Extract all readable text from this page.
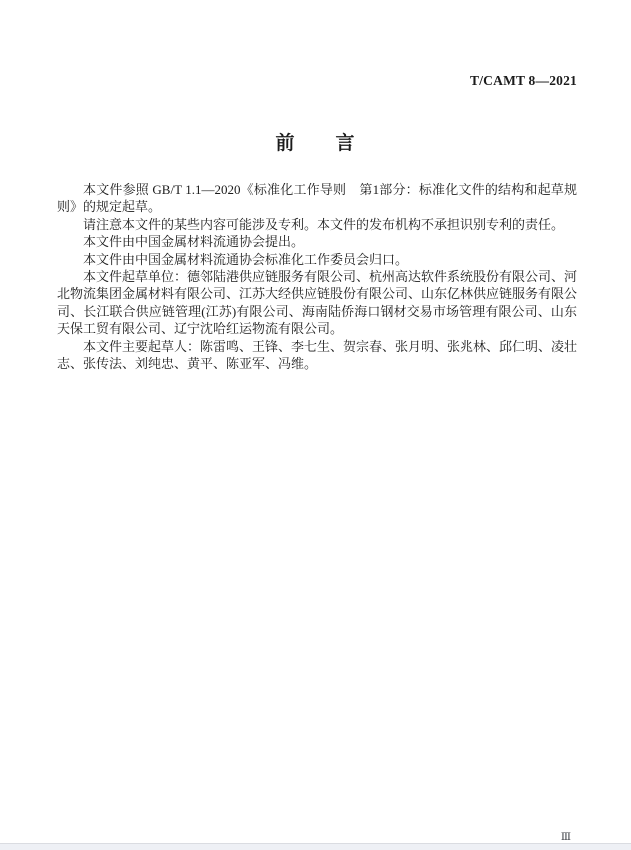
T/CAMT 8—2021
前　　言

本文件参照 GB/T 1.1—2020《标准化工作导则　第1部分：标准化文件的结构和起草规则》的规定起草。

请注意本文件的某些内容可能涉及专利。本文件的发布机构不承担识别专利的责任。

本文件由中国金属材料流通协会提出。

本文件由中国金属材料流通协会标准化工作委员会归口。

本文件起草单位：德邻陆港供应链服务有限公司、杭州高达软件系统股份有限公司、河北物流集团金属材料有限公司、江苏大经供应链股份有限公司、山东亿林供应链服务有限公司、长江联合供应链管理(江苏)有限公司、海南陆侨海口钢材交易市场管理有限公司、山东天保工贸有限公司、辽宁沈哈红运物流有限公司。

本文件主要起草人：陈雷鸣、王锋、李七生、贺宗春、张月明、张兆林、邱仁明、凌壮志、张传法、刘纯忠、黄平、陈亚军、冯维。

Ⅲ
